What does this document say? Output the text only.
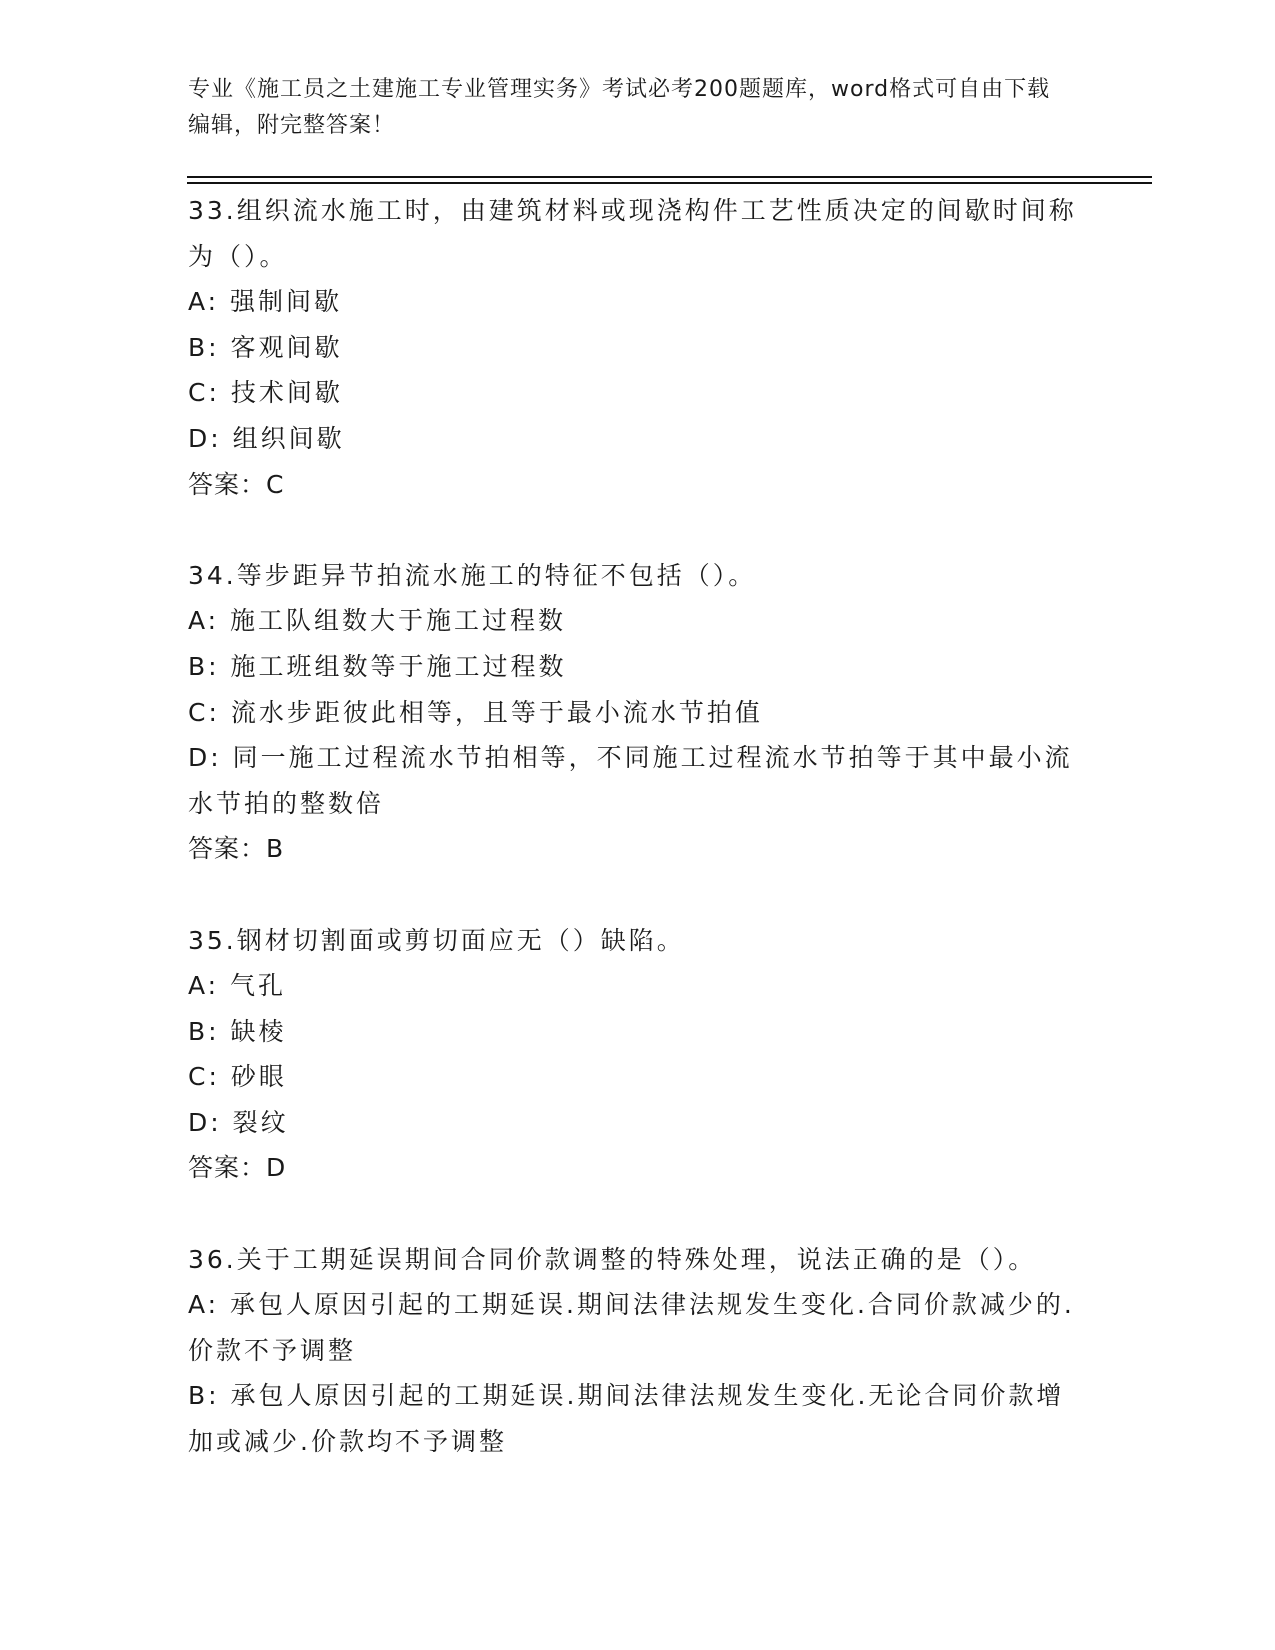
专业《施工员之土建施工专业管理实务》考试必考200题题库，word格式可自由下载编辑，附完整答案！
33.组织流水施工时，由建筑材料或现浇构件工艺性质决定的间歇时间称为（）。
A: 强制间歇
B: 客观间歇
C: 技术间歇
D: 组织间歇
答案：C
34.等步距异节拍流水施工的特征不包括（）。
A: 施工队组数大于施工过程数
B: 施工班组数等于施工过程数
C: 流水步距彼此相等，且等于最小流水节拍值
D: 同一施工过程流水节拍相等，不同施工过程流水节拍等于其中最小流水节拍的整数倍
答案：B
35.钢材切割面或剪切面应无（）缺陷。
A: 气孔
B: 缺棱
C: 砂眼
D: 裂纹
答案：D
36.关于工期延误期间合同价款调整的特殊处理，说法正确的是（）。
A: 承包人原因引起的工期延误.期间法律法规发生变化.合同价款减少的.价款不予调整
B: 承包人原因引起的工期延误.期间法律法规发生变化.无论合同价款增加或减少.价款均不予调整
